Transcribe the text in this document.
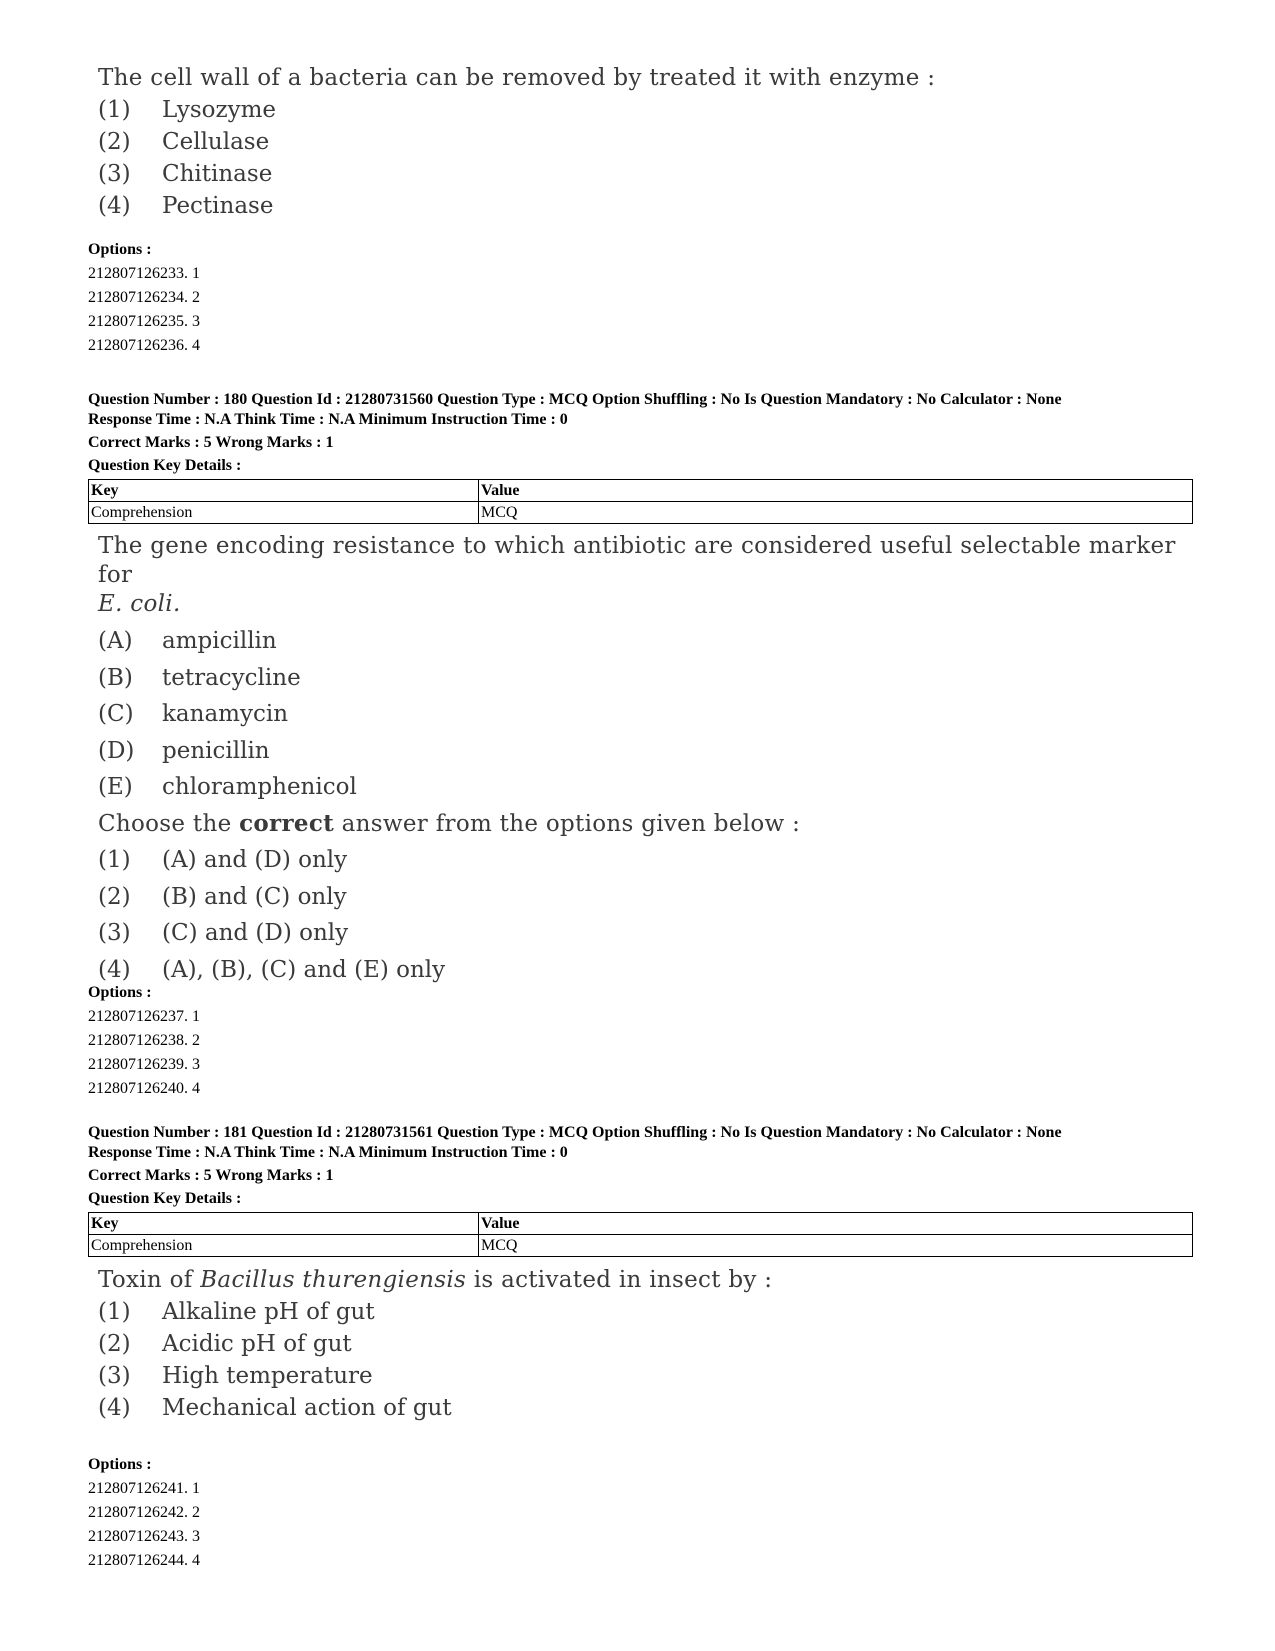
The cell wall of a bacteria can be removed by treated it with enzyme :
(1)	Lysozyme
(2)	Cellulase
(3)	Chitinase
(4)	Pectinase
Options :
212807126233. 1
212807126234. 2
212807126235. 3
212807126236. 4
Question Number : 180 Question Id : 21280731560 Question Type : MCQ Option Shuffling : No Is Question Mandatory : No Calculator : None
Response Time : N.A Think Time : N.A Minimum Instruction Time : 0
Correct Marks : 5 Wrong Marks : 1
Question Key Details :
Key	Value
Comprehension	MCQ
The gene encoding resistance to which antibiotic are considered useful selectable marker for
E. coli.
(A)	ampicillin
(B)	tetracycline
(C)	kanamycin
(D)	penicillin
(E)	chloramphenicol
Choose the correct answer from the options given below :
(1)	(A) and (D) only
(2)	(B) and (C) only
(3)	(C) and (D) only
(4)	(A), (B), (C) and (E) only
Options :
212807126237. 1
212807126238. 2
212807126239. 3
212807126240. 4
Question Number : 181 Question Id : 21280731561 Question Type : MCQ Option Shuffling : No Is Question Mandatory : No Calculator : None
Response Time : N.A Think Time : N.A Minimum Instruction Time : 0
Correct Marks : 5 Wrong Marks : 1
Question Key Details :
Key	Value
Comprehension	MCQ
Toxin of Bacillus thurengiensis is activated in insect by :
(1)	Alkaline pH of gut
(2)	Acidic pH of gut
(3)	High temperature
(4)	Mechanical action of gut
Options :
212807126241. 1
212807126242. 2
212807126243. 3
212807126244. 4
